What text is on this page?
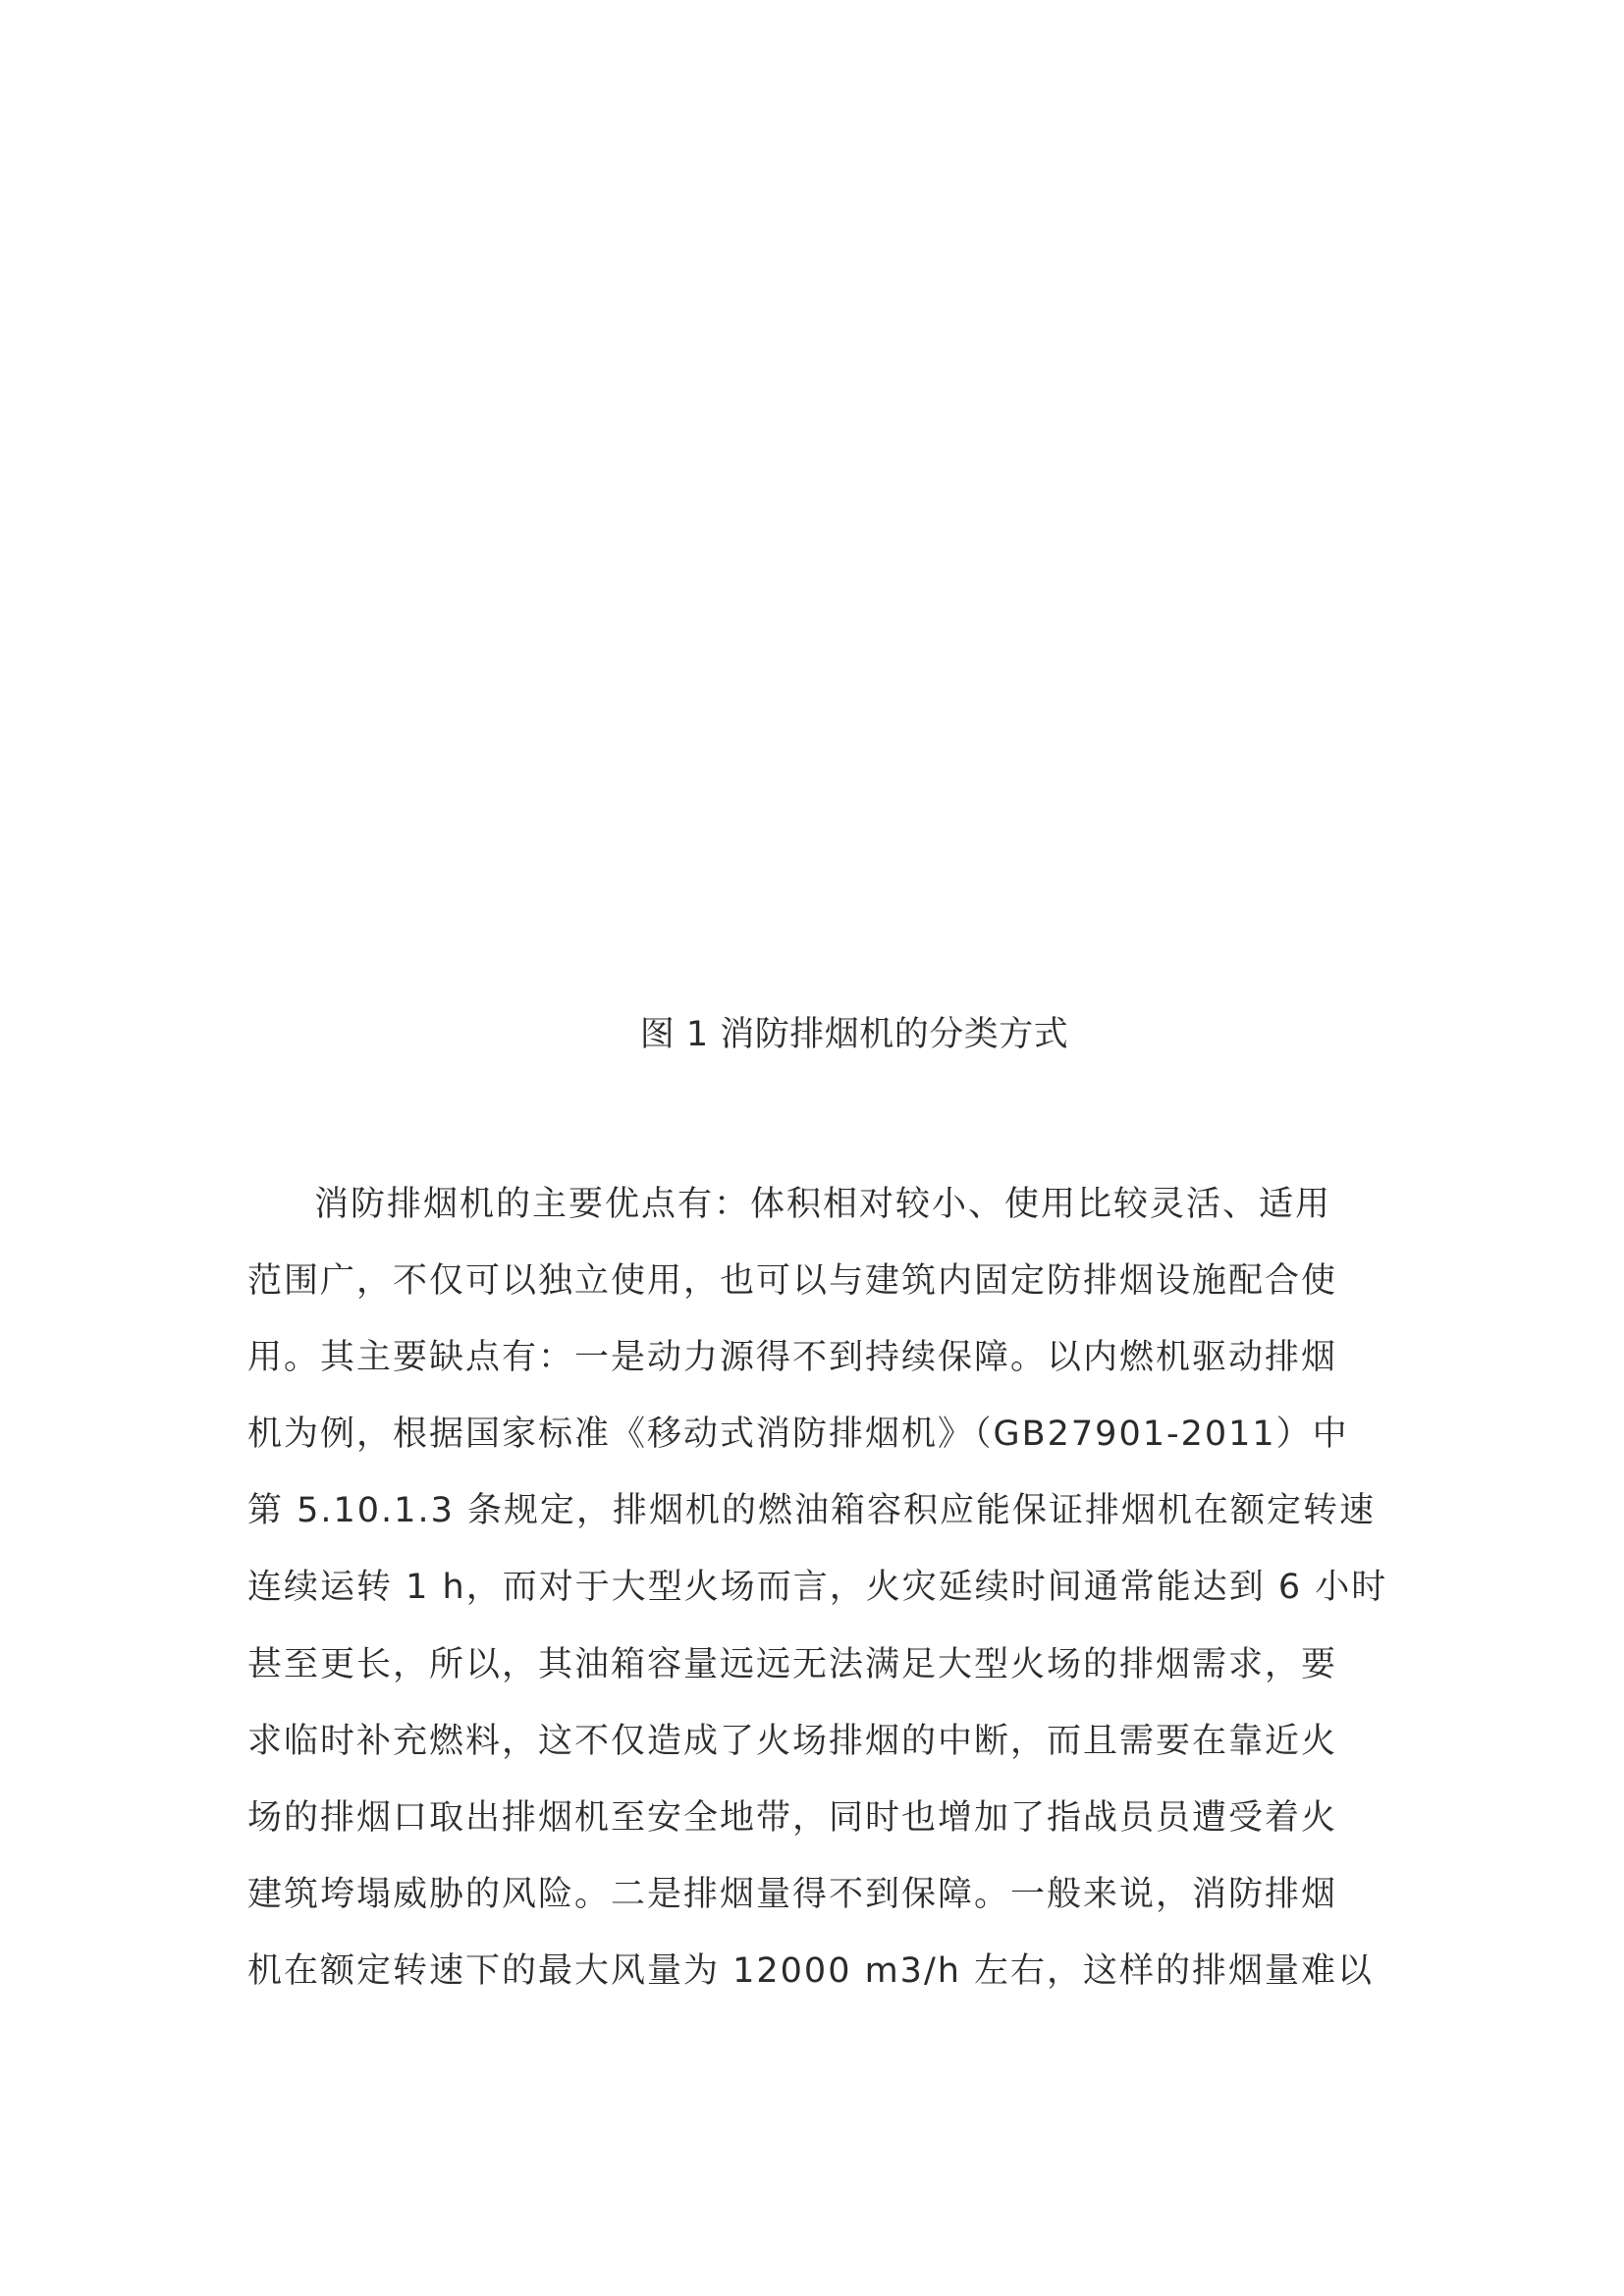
图 1 消防排烟机的分类方式
消防排烟机的主要优点有：体积相对较小、使用比较灵活、适用
范围广，不仅可以独立使用，也可以与建筑内固定防排烟设施配合使
用。其主要缺点有：一是动力源得不到持续保障。以内燃机驱动排烟
机为例，根据国家标准《移动式消防排烟机》（GB27901-2011）中
第 5.10.1.3 条规定，排烟机的燃油箱容积应能保证排烟机在额定转速
连续运转 1 h，而对于大型火场而言，火灾延续时间通常能达到 6 小时
甚至更长，所以，其油箱容量远远无法满足大型火场的排烟需求，要
求临时补充燃料，这不仅造成了火场排烟的中断，而且需要在靠近火
场的排烟口取出排烟机至安全地带，同时也增加了指战员员遭受着火
建筑垮塌威胁的风险。二是排烟量得不到保障。一般来说，消防排烟
机在额定转速下的最大风量为 12000 m3/h 左右，这样的排烟量难以
